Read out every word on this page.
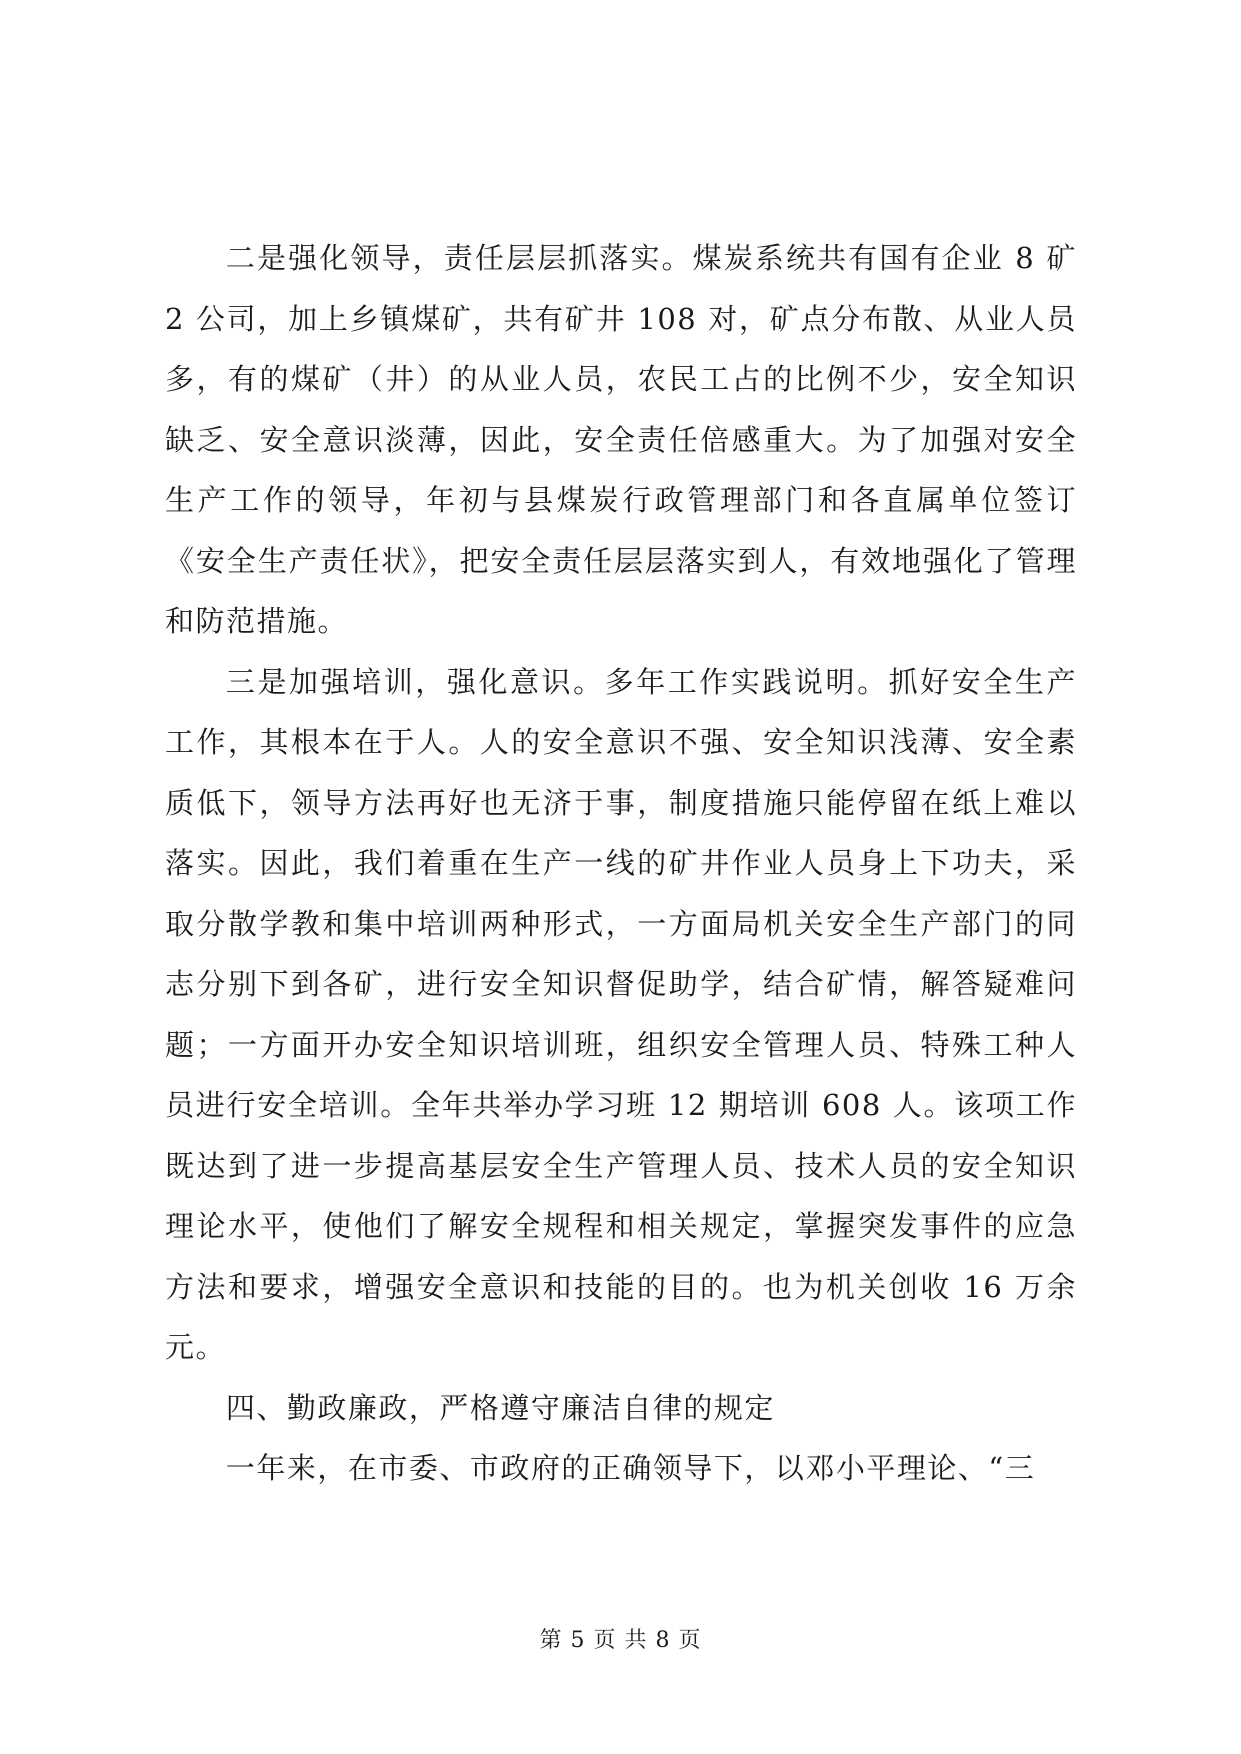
二是强化领导，责任层层抓落实。煤炭系统共有国有企业 8 矿 2 公司，加上乡镇煤矿，共有矿井 108 对，矿点分布散、从业人员多，有的煤矿（井）的从业人员，农民工占的比例不少，安全知识缺乏、安全意识淡薄，因此，安全责任倍感重大。为了加强对安全生产工作的领导，年初与县煤炭行政管理部门和各直属单位签订《安全生产责任状》，把安全责任层层落实到人，有效地强化了管理和防范措施。

三是加强培训，强化意识。多年工作实践说明。抓好安全生产工作，其根本在于人。人的安全意识不强、安全知识浅薄、安全素质低下，领导方法再好也无济于事，制度措施只能停留在纸上难以落实。因此，我们着重在生产一线的矿井作业人员身上下功夫，采取分散学教和集中培训两种形式，一方面局机关安全生产部门的同志分别下到各矿，进行安全知识督促助学，结合矿情，解答疑难问题；一方面开办安全知识培训班，组织安全管理人员、特殊工种人员进行安全培训。全年共举办学习班 12 期培训 608 人。该项工作既达到了进一步提高基层安全生产管理人员、技术人员的安全知识理论水平，使他们了解安全规程和相关规定，掌握突发事件的应急方法和要求，增强安全意识和技能的目的。也为机关创收 16 万余元。

四、勤政廉政，严格遵守廉洁自律的规定

一年来，在市委、市政府的正确领导下，以邓小平理论、“三

第 5 页 共 8 页
